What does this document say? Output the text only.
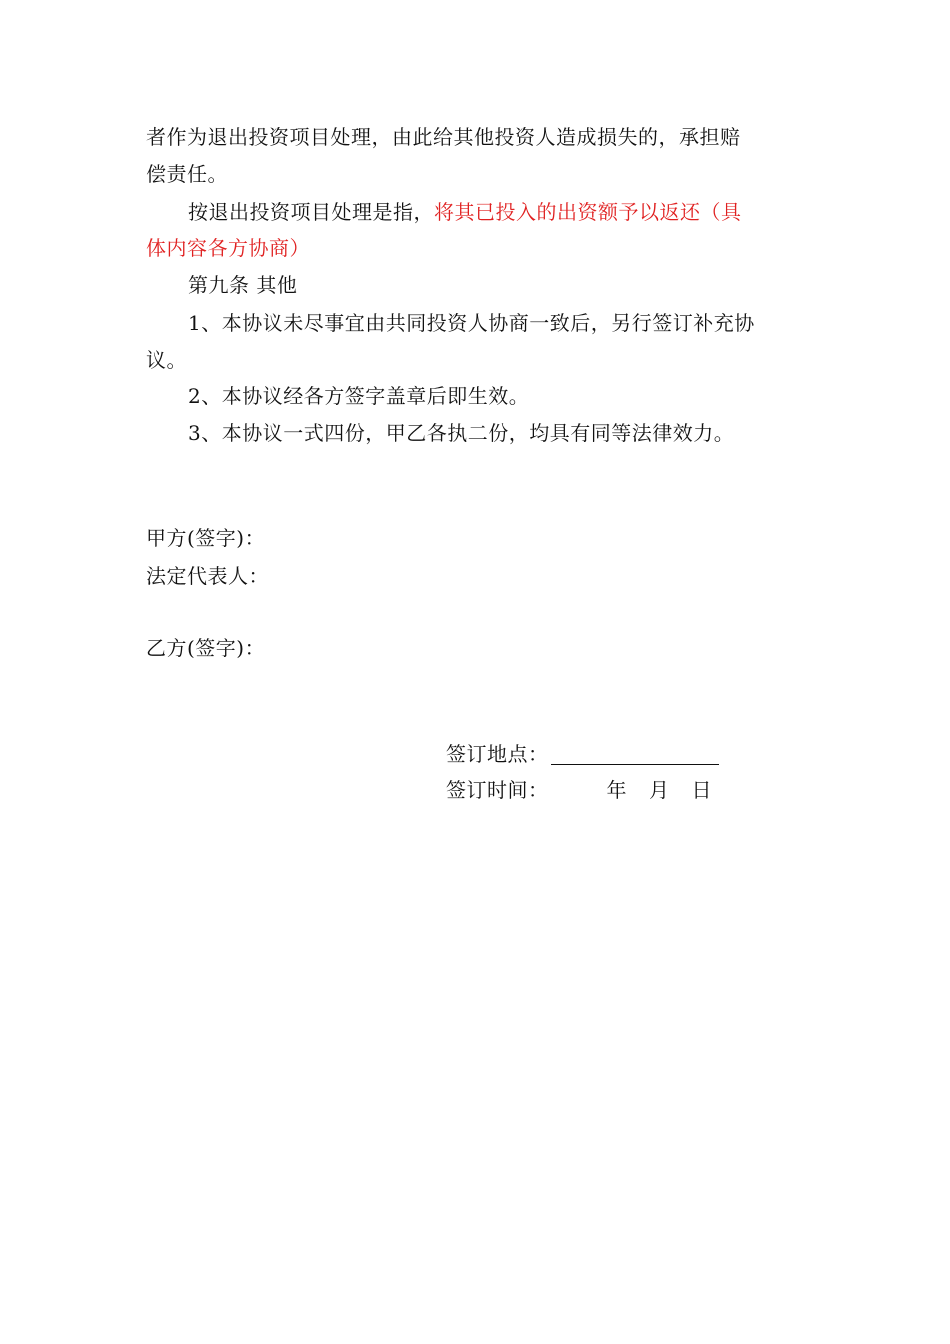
者作为退出投资项目处理，由此给其他投资人造成损失的，承担赔
偿责任。
按退出投资项目处理是指，将其已投入的出资额予以返还（具
体内容各方协商）
第九条 其他
1、本协议未尽事宜由共同投资人协商一致后，另行签订补充协
议。
2、本协议经各方签字盖章后即生效。
3、本协议一式四份，甲乙各执二份，均具有同等法律效力。
甲方(签字)：
法定代表人：
乙方(签字)：
签订地点：
签订时间：	年 月 日
